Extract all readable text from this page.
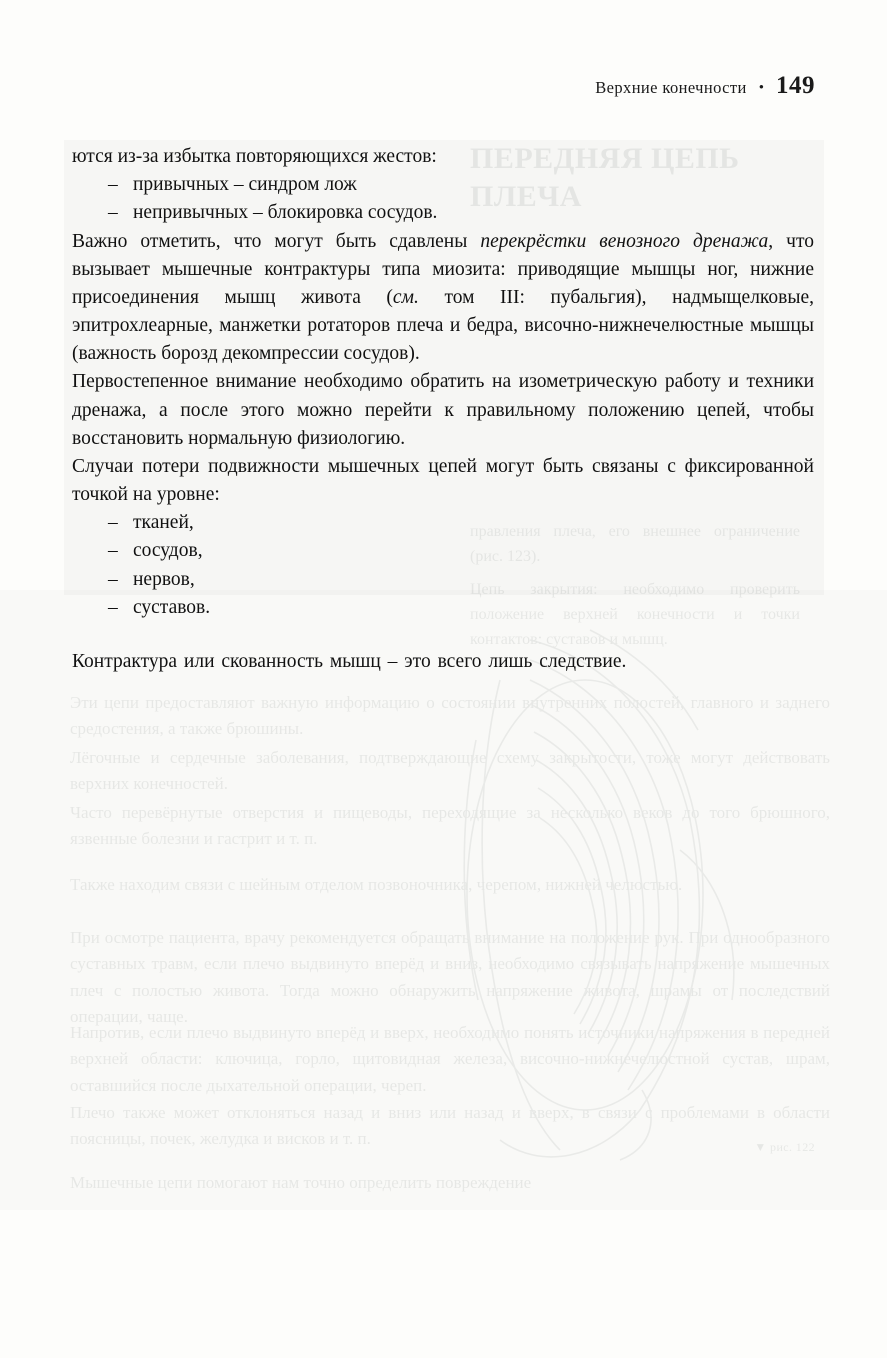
ПЕРЕДНЯЯ ЦЕПЬ ПЛЕЧА
правления плеча, его внешнее ограничение (рис. 123).
Цепь закрытия: необходимо проверить положение верхней конечности и точки контактов: суставов и мышц.
Эти цепи предоставляют важную информацию о состоянии внутренних полостей, главного и заднего средостения, а также брюшины.
Лёгочные и сердечные заболевания, подтверждающие схему закрытости, тоже могут действовать верхних конечностей.
Часто перевёрнутые отверстия и пищеводы, переходящие за несколько веков до того брюшного, язвенные болезни и гастрит и т. п.
Также находим связи с шейным отделом позвоночника, черепом, нижней челюстью.
При осмотре пациента, врачу рекомендуется обращать внимание на положение рук. При однообразного суставных травм, если плечо выдвинуто вперёд и вниз, необходимо связывать напряжение мышечных плеч с полостью живота. Тогда можно обнаружить напряжение живота, шрамы от последствий операции, чаще.
Напротив, если плечо выдвинуто вперёд и вверх, необходимо понять источники напряжения в передней верхней области: ключица, горло, щитовидная железа, височно-нижнечелюстной сустав, шрам, оставшийся после дыхательной операции, череп.
Плечо также может отклоняться назад и вниз или назад и вверх, в связи с проблемами в области поясницы, почек, желудка и висков и т. п.
Мышечные цепи помогают нам точно определить повреждение
▼ рис. 122
Верхние конечности • 149

ются из-за избытка повторяющихся жестов:

– привычных – синдром лож
– непривычных – блокировка сосудов.

Важно отметить, что могут быть сдавлены перекрёстки венозного дренажа, что вызывает мышечные контрактуры типа миозита: приводящие мышцы ног, нижние присоединения мышц живота (см. том III: пубальгия), надмыщелковые, эпитрохлеарные, манжетки ротаторов плеча и бедра, височно-нижнечелюстные мышцы (важность борозд декомпрессии сосудов).

Первостепенное внимание необходимо обратить на изометрическую работу и техники дренажа, а после этого можно перейти к правильному положению цепей, чтобы восстановить нормальную физиологию.

Случаи потери подвижности мышечных цепей могут быть связаны с фиксированной точкой на уровне:

– тканей,
– сосудов,
– нервов,
– суставов.

Контрактура или скованность мышц – это всего лишь следствие.
